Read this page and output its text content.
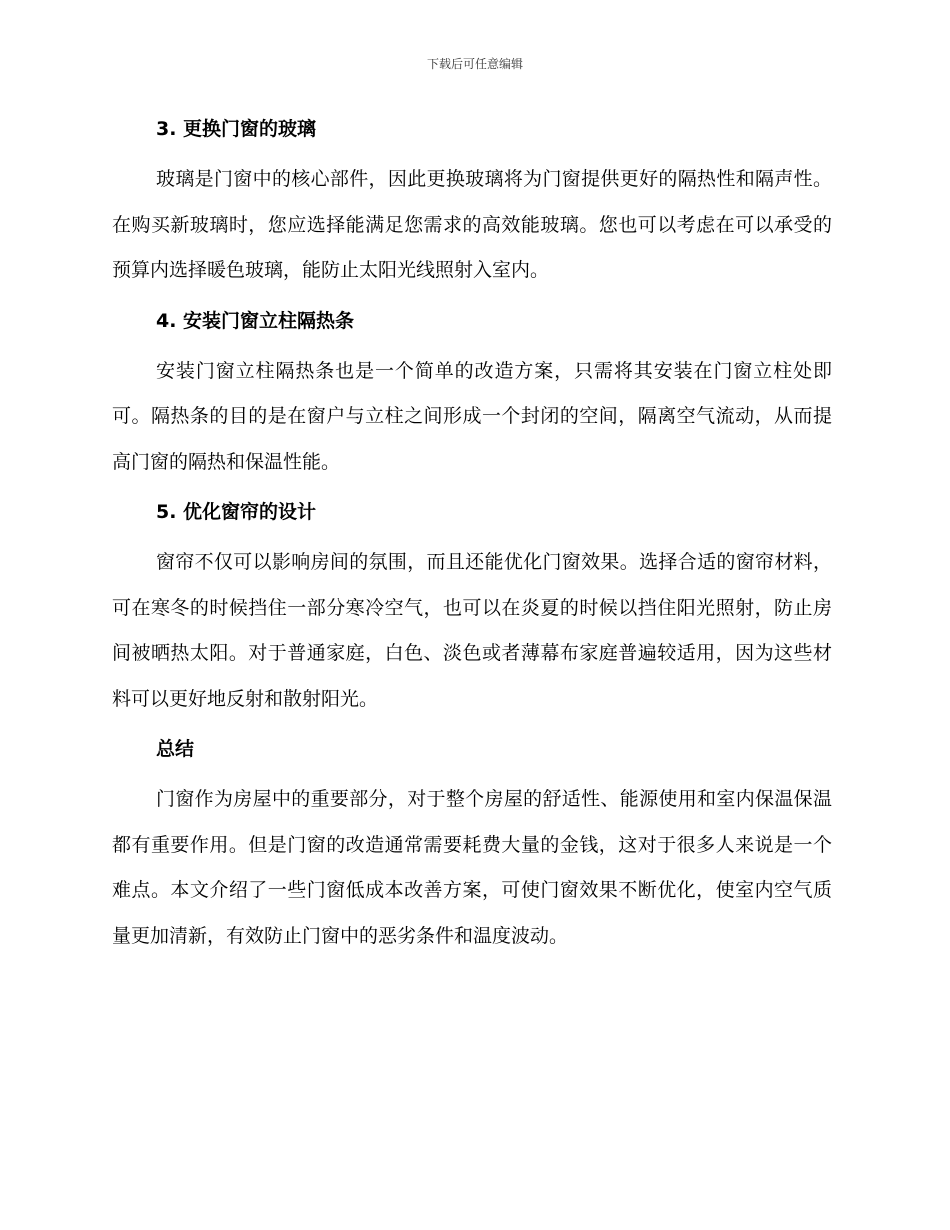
下载后可任意编辑
3. 更换门窗的玻璃

玻璃是门窗中的核心部件，因此更换玻璃将为门窗提供更好的隔热性和隔声性。在购买新玻璃时，您应选择能满足您需求的高效能玻璃。您也可以考虑在可以承受的预算内选择暖色玻璃，能防止太阳光线照射入室内。

4. 安装门窗立柱隔热条

安装门窗立柱隔热条也是一个简单的改造方案，只需将其安装在门窗立柱处即可。隔热条的目的是在窗户与立柱之间形成一个封闭的空间，隔离空气流动，从而提高门窗的隔热和保温性能。

5. 优化窗帘的设计

窗帘不仅可以影响房间的氛围，而且还能优化门窗效果。选择合适的窗帘材料，可在寒冬的时候挡住一部分寒冷空气，也可以在炎夏的时候以挡住阳光照射，防止房间被晒热太阳。对于普通家庭，白色、淡色或者薄幕布家庭普遍较适用，因为这些材料可以更好地反射和散射阳光。

总结

门窗作为房屋中的重要部分，对于整个房屋的舒适性、能源使用和室内保温保温都有重要作用。但是门窗的改造通常需要耗费大量的金钱，这对于很多人来说是一个难点。本文介绍了一些门窗低成本改善方案，可使门窗效果不断优化，使室内空气质量更加清新，有效防止门窗中的恶劣条件和温度波动。
